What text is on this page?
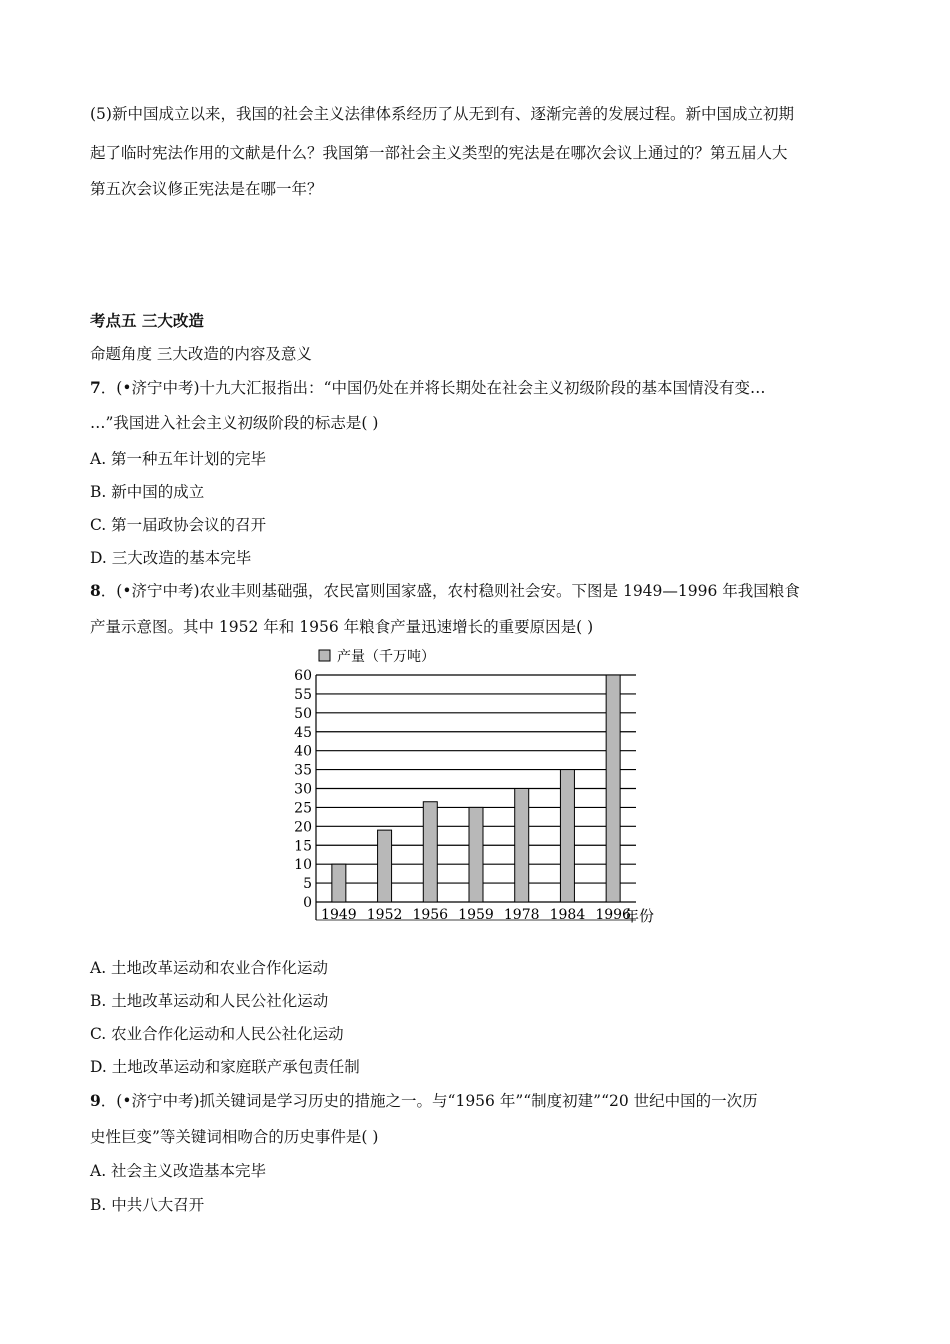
(5)新中国成立以来，我国的社会主义法律体系经历了从无到有、逐渐完善的发展过程。新中国成立初期
起了临时宪法作用的文献是什么？我国第一部社会主义类型的宪法是在哪次会议上通过的？第五届人大
第五次会议修正宪法是在哪一年？
考点五 三大改造
命题角度 三大改造的内容及意义
7．(•济宁中考)十九大汇报指出：“中国仍处在并将长期处在社会主义初级阶段的基本国情没有变…
…”我国进入社会主义初级阶段的标志是( )
A. 第一种五年计划的完毕
B. 新中国的成立
C. 第一届政协会议的召开
D. 三大改造的基本完毕
8．(•济宁中考)农业丰则基础强，农民富则国家盛，农村稳则社会安。下图是 1949—1996 年我国粮食
产量示意图。其中 1952 年和 1956 年粮食产量迅速增长的重要原因是( )
产量（千万吨）
0
5
10
15
20
25
30
35
40
45
50
55
60
1949 1952 1956 1959 1978 1984 1996
年份
A. 土地改革运动和农业合作化运动
B. 土地改革运动和人民公社化运动
C. 农业合作化运动和人民公社化运动
D. 土地改革运动和家庭联产承包责任制
9．(•济宁中考)抓关键词是学习历史的措施之一。与“1956 年”“制度初建”“20 世纪中国的一次历
史性巨变”等关键词相吻合的历史事件是( )
A. 社会主义改造基本完毕
B. 中共八大召开
